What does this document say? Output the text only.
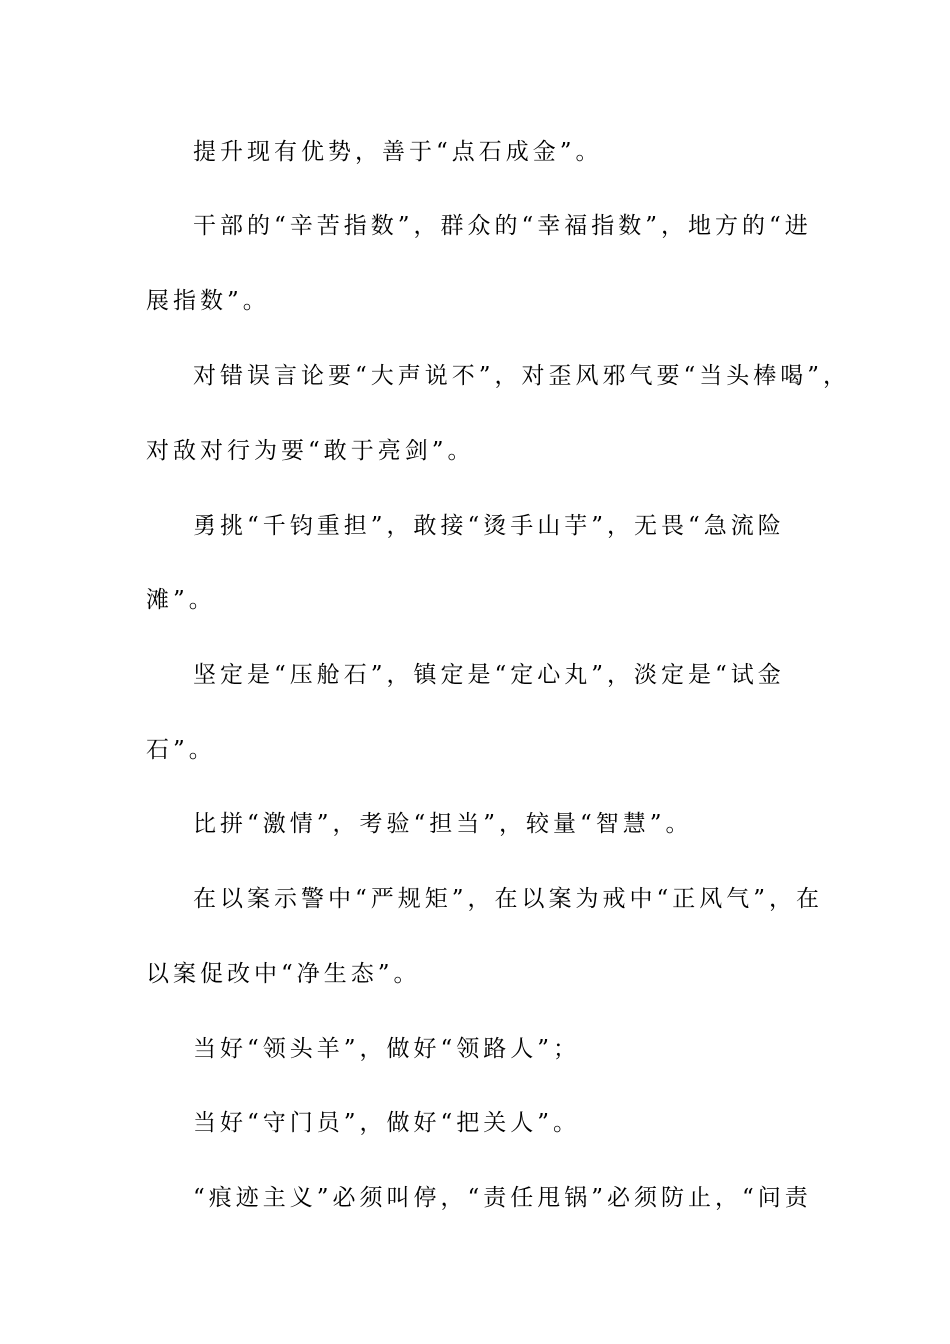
提升现有优势，善于“点石成金”。
干部的“辛苦指数”，群众的“幸福指数”，地方的“进
展指数”。
对错误言论要“大声说不”，对歪风邪气要“当头棒喝”，
对敌对行为要“敢于亮剑”。
勇挑“千钧重担”，敢接“烫手山芋”，无畏“急流险
滩”。
坚定是“压舱石”，镇定是“定心丸”，淡定是“试金
石”。
比拼“激情”，考验“担当”，较量“智慧”。
在以案示警中“严规矩”，在以案为戒中“正风气”，在
以案促改中“净生态”。
当好“领头羊”，做好“领路人”；
当好“守门员”，做好“把关人”。
“痕迹主义”必须叫停，“责任甩锅”必须防止，“问责
